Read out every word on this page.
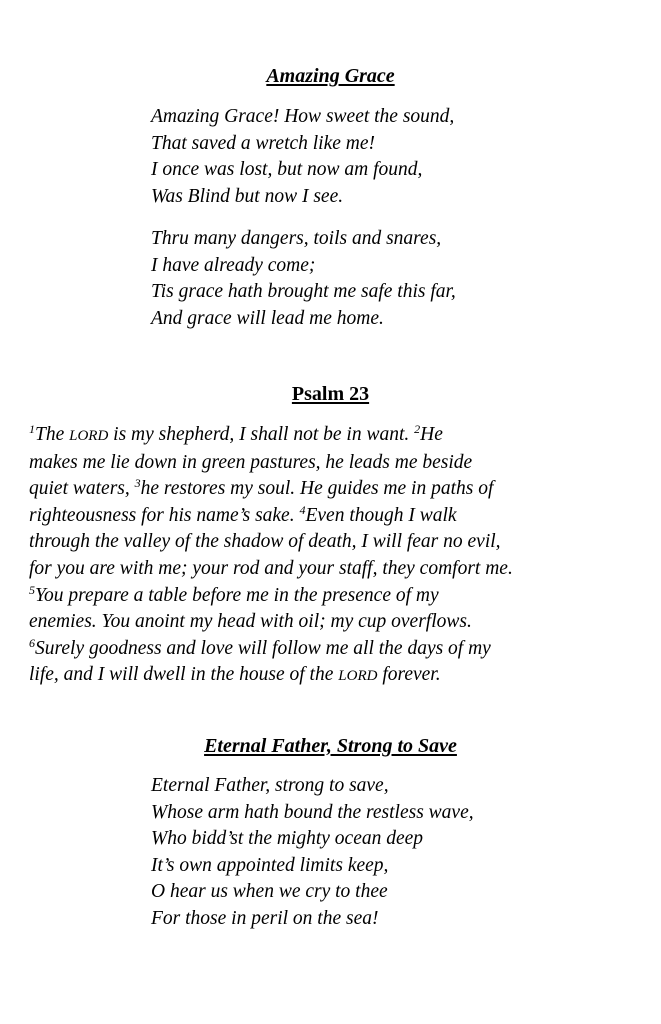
Amazing Grace

Amazing Grace! How sweet the sound,
That saved a wretch like me!
I once was lost, but now am found,
Was Blind but now I see.

Thru many dangers, toils and snares,
I have already come;
Tis grace hath brought me safe this far,
And grace will lead me home.

Psalm 23

$^1$The LORD is my shepherd, I shall not be in want. $^2$He
makes me lie down in green pastures, he leads me beside
quiet waters, $^3$he restores my soul. He guides me in paths of
righteousness for his name’s sake. $^4$Even though I walk
through the valley of the shadow of death, I will fear no evil,
for you are with me; your rod and your staff, they comfort me.
$^5$You prepare a table before me in the presence of my
enemies. You anoint my head with oil; my cup overflows.
$^6$Surely goodness and love will follow me all the days of my
life, and I will dwell in the house of the LORD forever.

Eternal Father, Strong to Save

Eternal Father, strong to save,
Whose arm hath bound the restless wave,
Who bidd’st the mighty ocean deep
It’s own appointed limits keep,
O hear us when we cry to thee
For those in peril on the sea!
